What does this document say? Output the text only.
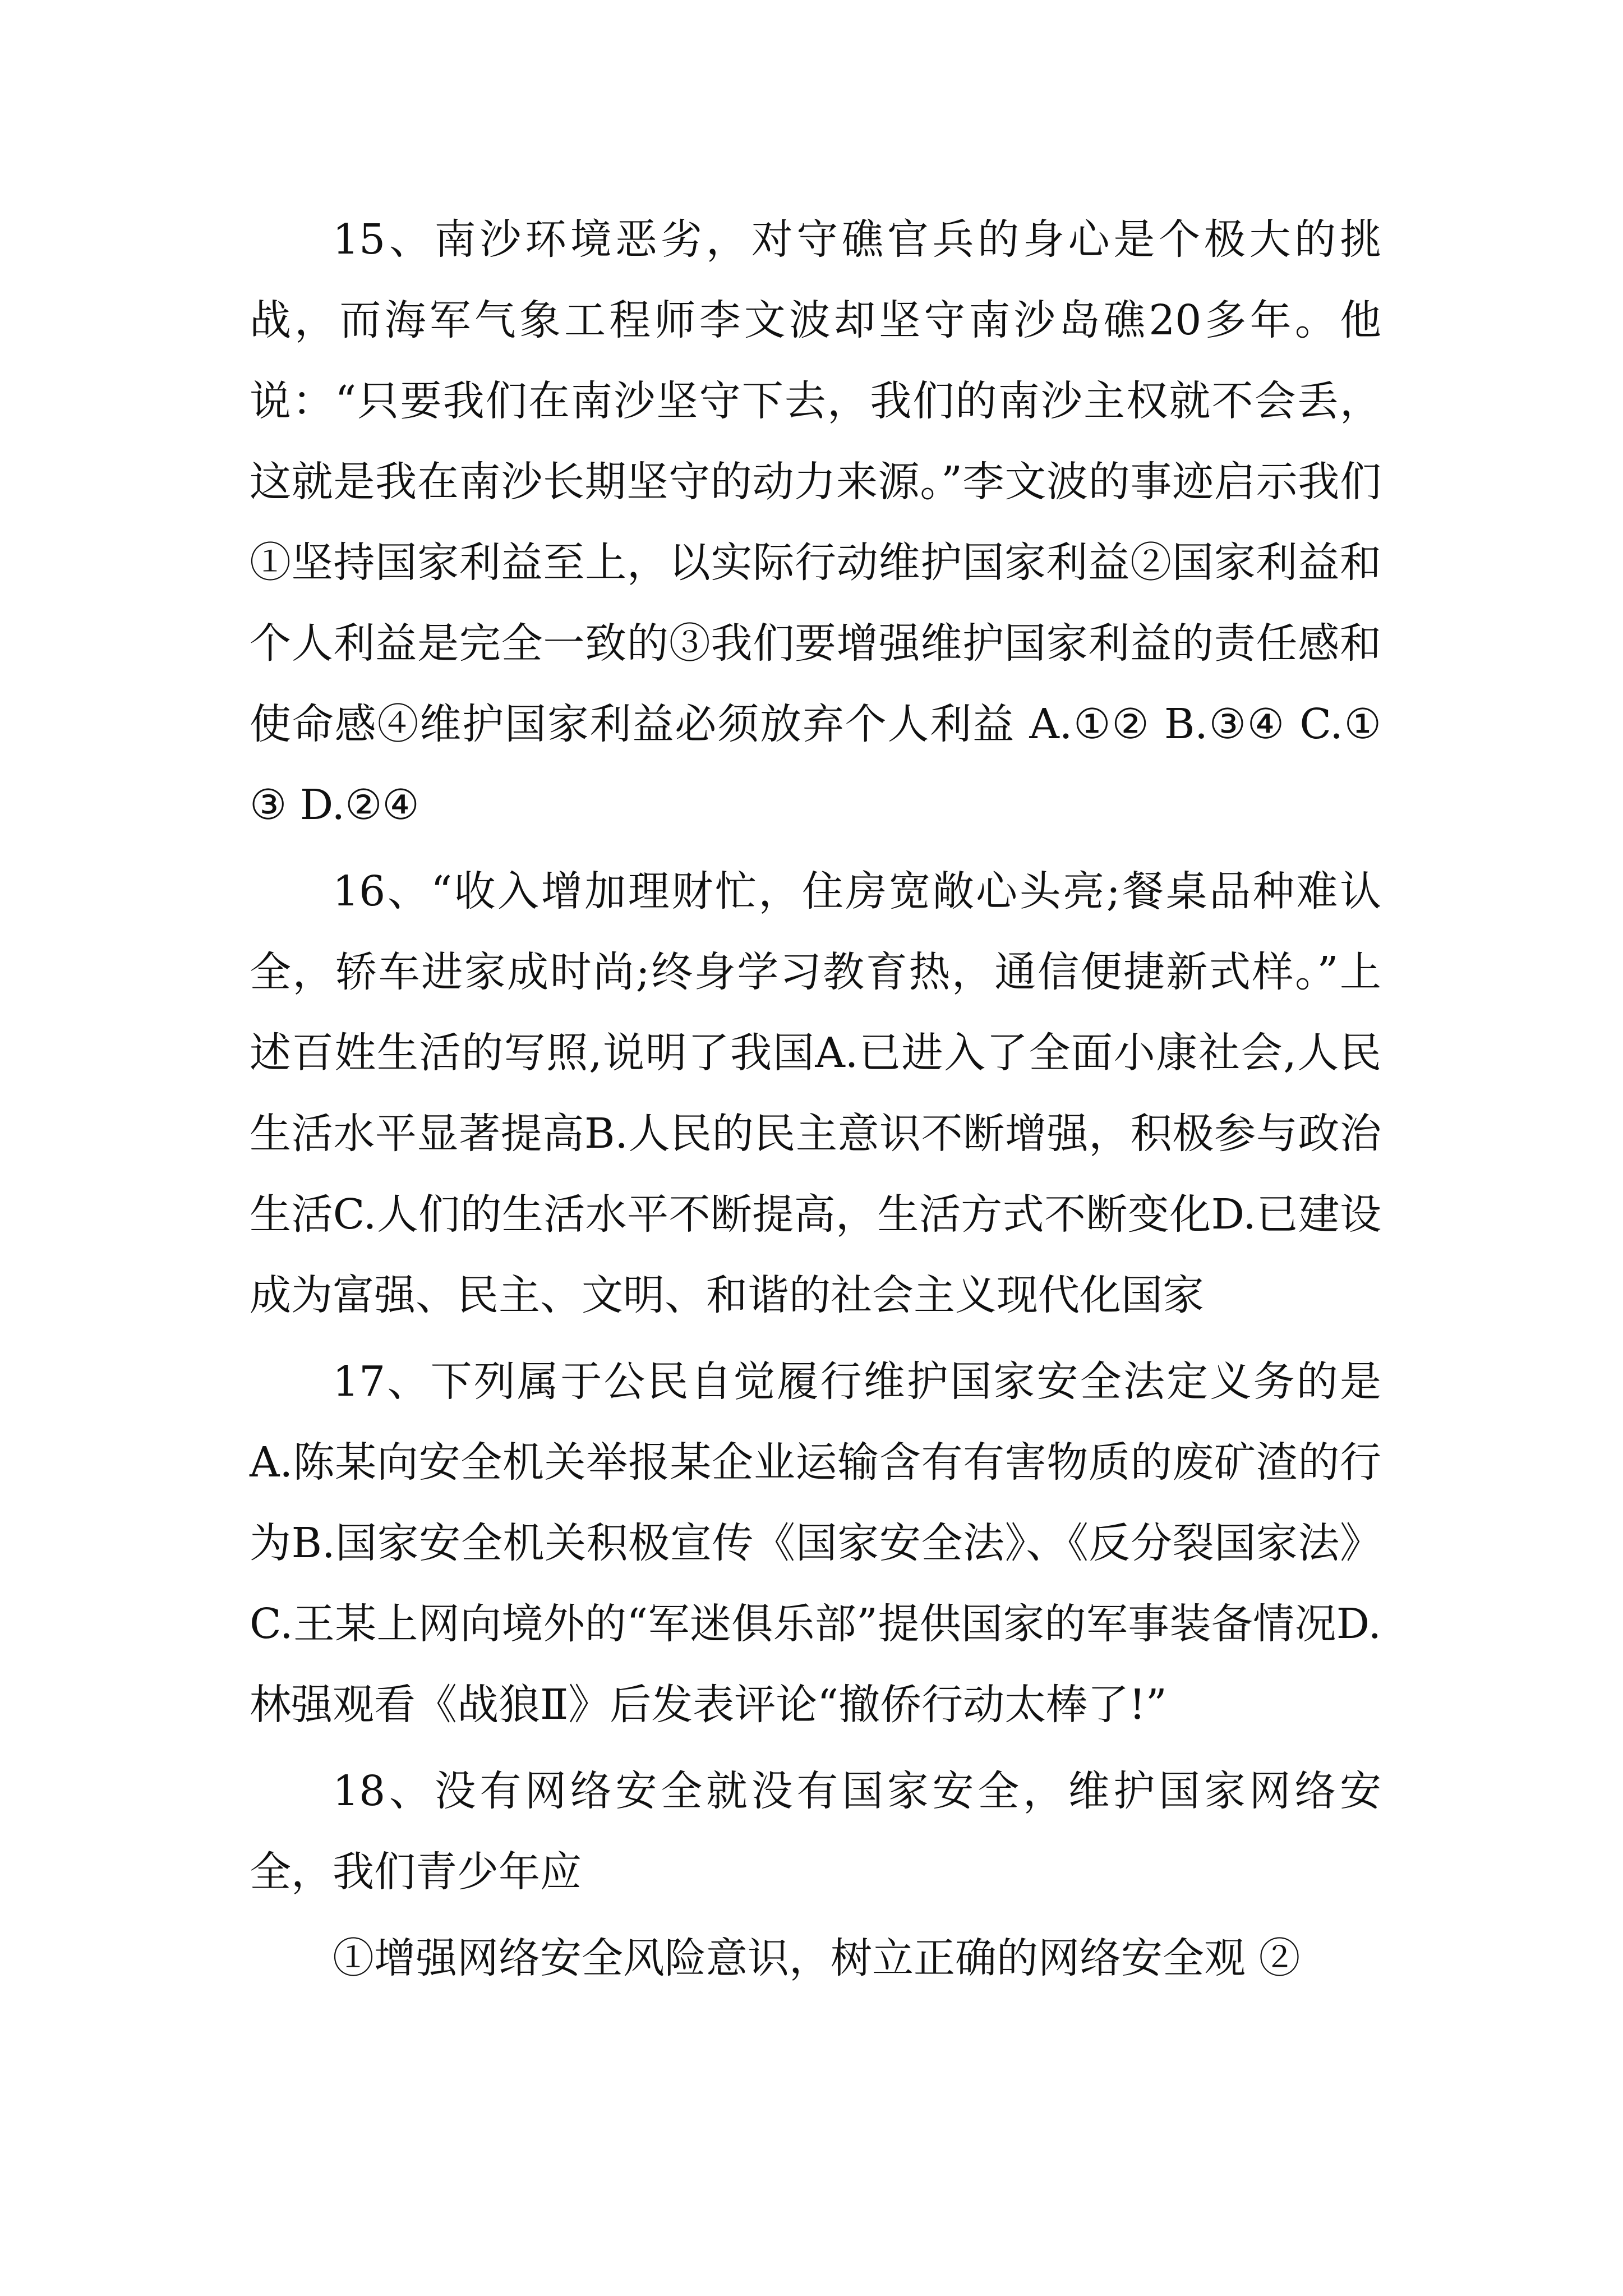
15、南沙环境恶劣，对守礁官兵的身心是个极大的挑战，而海军气象工程师李文波却坚守南沙岛礁20多年。他说：“只要我们在南沙坚守下去，我们的南沙主权就不会丢，这就是我在南沙长期坚守的动力来源。”李文波的事迹启示我们①坚持国家利益至上，以实际行动维护国家利益②国家利益和个人利益是完全一致的③我们要增强维护国家利益的责任感和使命感④维护国家利益必须放弃个人利益 A.①② B.③④ C.①③ D.②④

16、“收入增加理财忙，住房宽敞心头亮;餐桌品种难认全，轿车进家成时尚;终身学习教育热，通信便捷新式样。”上述百姓生活的写照,说明了我国A.已进入了全面小康社会,人民生活水平显著提高B.人民的民主意识不断增强，积极参与政治生活C.人们的生活水平不断提高，生活方式不断变化D.已建设成为富强、民主、文明、和谐的社会主义现代化国家

17、下列属于公民自觉履行维护国家安全法定义务的是A.陈某向安全机关举报某企业运输含有有害物质的废矿渣的行为B.国家安全机关积极宣传《国家安全法》、《反分裂国家法》C.王某上网向境外的“军迷俱乐部”提供国家的军事装备情况D.林强观看《战狼Ⅱ》后发表评论“撤侨行动太棒了!”

18、没有网络安全就没有国家安全，维护国家网络安全，我们青少年应

①增强网络安全风险意识，树立正确的网络安全观 ②
